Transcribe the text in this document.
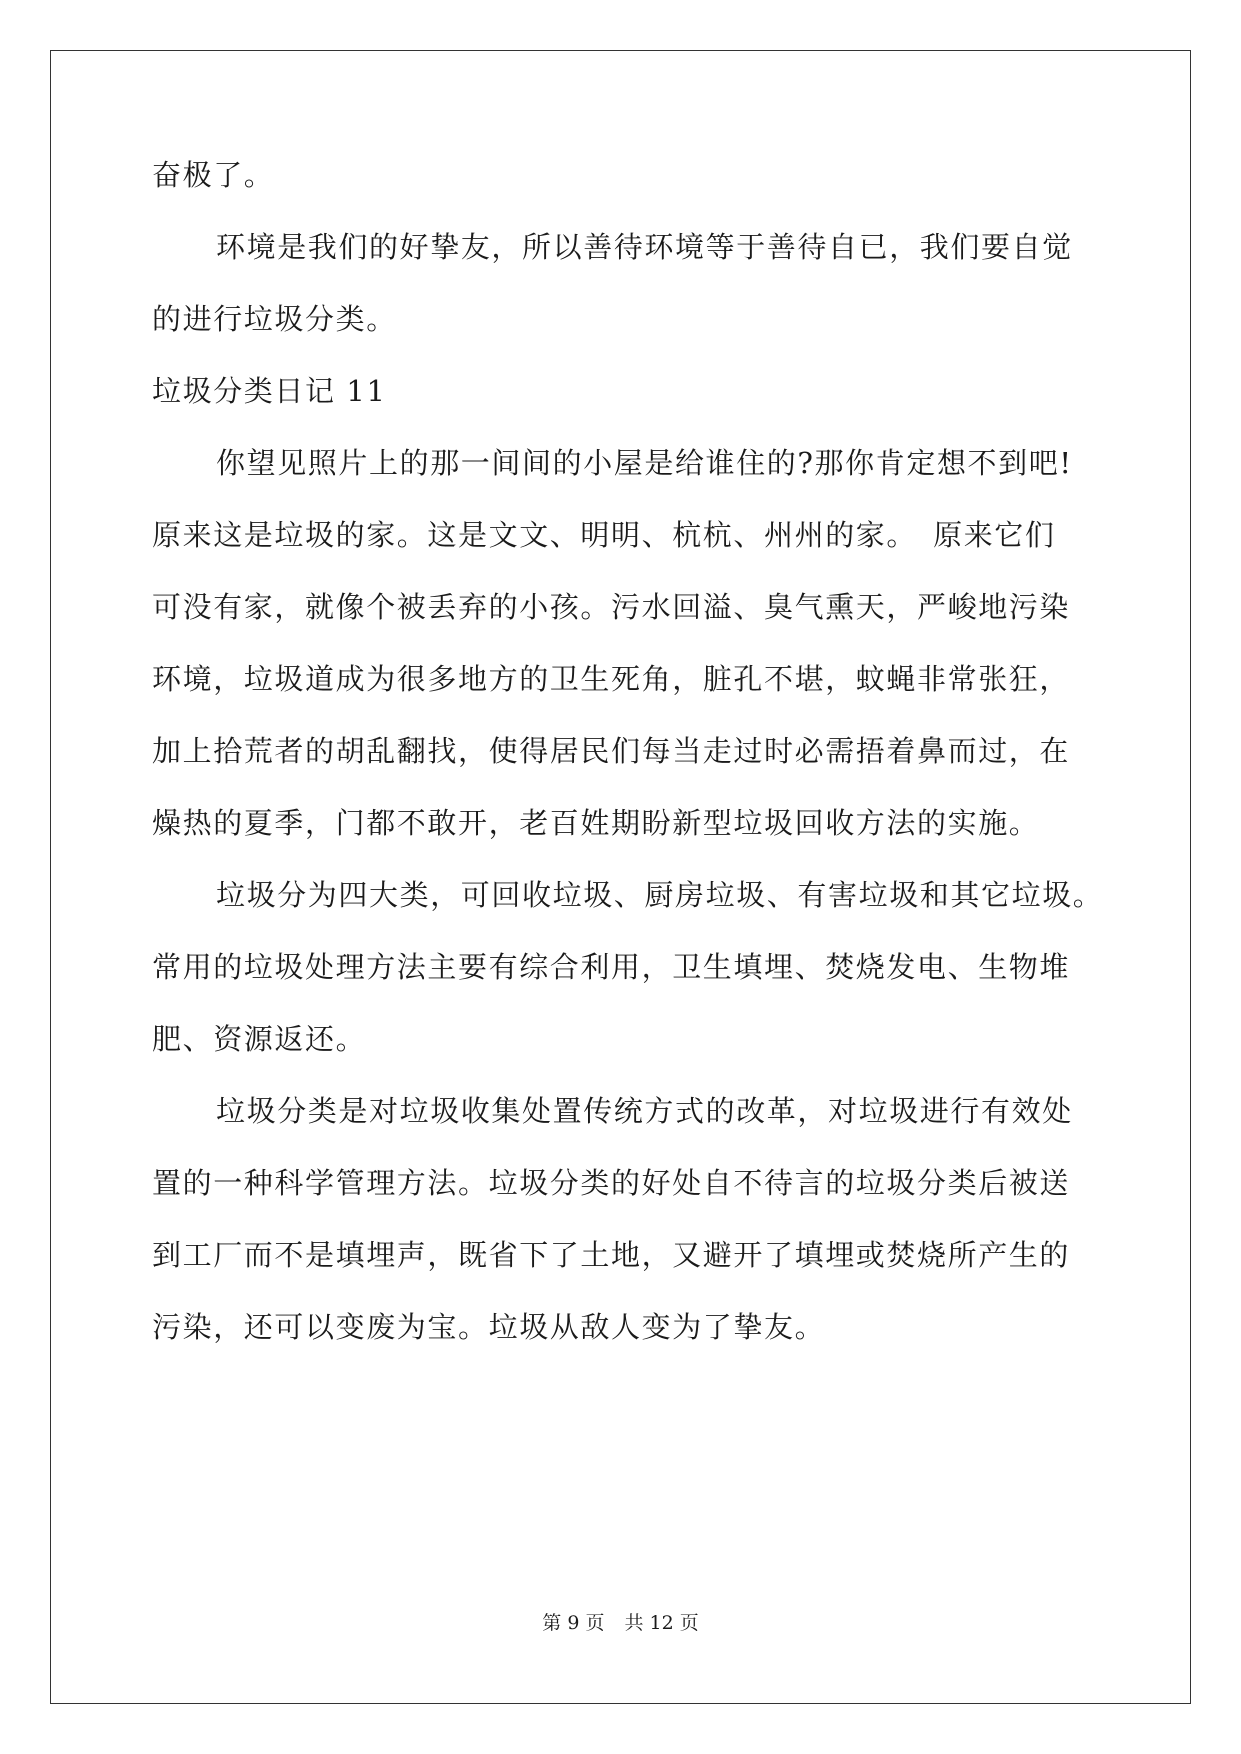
奋极了。
环境是我们的好挚友，所以善待环境等于善待自已，我们要自觉
的进行垃圾分类。
垃圾分类日记 11
你望见照片上的那一间间的小屋是给谁住的?那你肯定想不到吧!
原来这是垃圾的家。这是文文、明明、杭杭、州州的家。　原来它们
可没有家，就像个被丢弃的小孩。污水回溢、臭气熏天，严峻地污染
环境，垃圾道成为很多地方的卫生死角，脏孔不堪，蚊蝇非常张狂，
加上拾荒者的胡乱翻找，使得居民们每当走过时必需捂着鼻而过，在
燥热的夏季，门都不敢开，老百姓期盼新型垃圾回收方法的实施。
垃圾分为四大类，可回收垃圾、厨房垃圾、有害垃圾和其它垃圾。
常用的垃圾处理方法主要有综合利用，卫生填埋、焚烧发电、生物堆
肥、资源返还。
垃圾分类是对垃圾收集处置传统方式的改革，对垃圾进行有效处
置的一种科学管理方法。垃圾分类的好处自不待言的垃圾分类后被送
到工厂而不是填埋声，既省下了土地，又避开了填埋或焚烧所产生的
污染，还可以变废为宝。垃圾从敌人变为了挚友。
第 9 页 共 12 页
